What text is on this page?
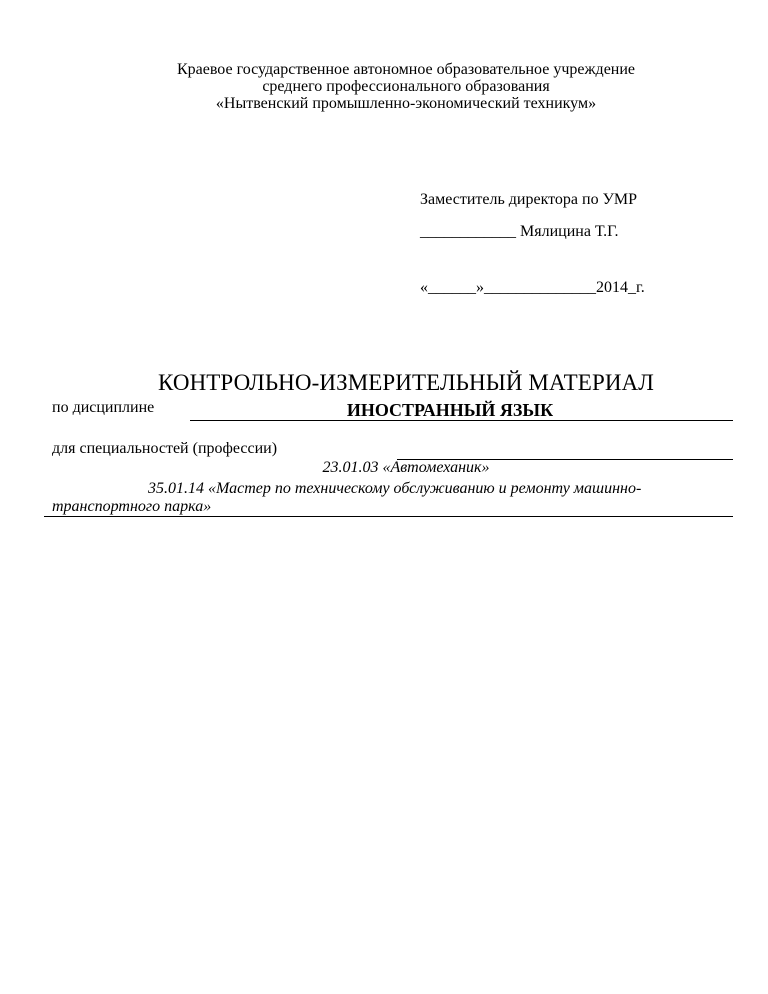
Краевое государственное автономное образовательное учреждение
среднего профессионального образования
«Нытвенский промышленно-экономический техникум»
Заместитель директора по УМР
____________ Мялицина Т.Г.
«______»______________2014_г.
КОНТРОЛЬНО-ИЗМЕРИТЕЛЬНЫЙ МАТЕРИАЛ
по дисциплине	ИНОСТРАННЫЙ ЯЗЫК
для специальностей (профессии)
23.01.03 «Автомеханик»
35.01.14 «Мастер по техническому обслуживанию и ремонту машинно-
транспортного парка»
